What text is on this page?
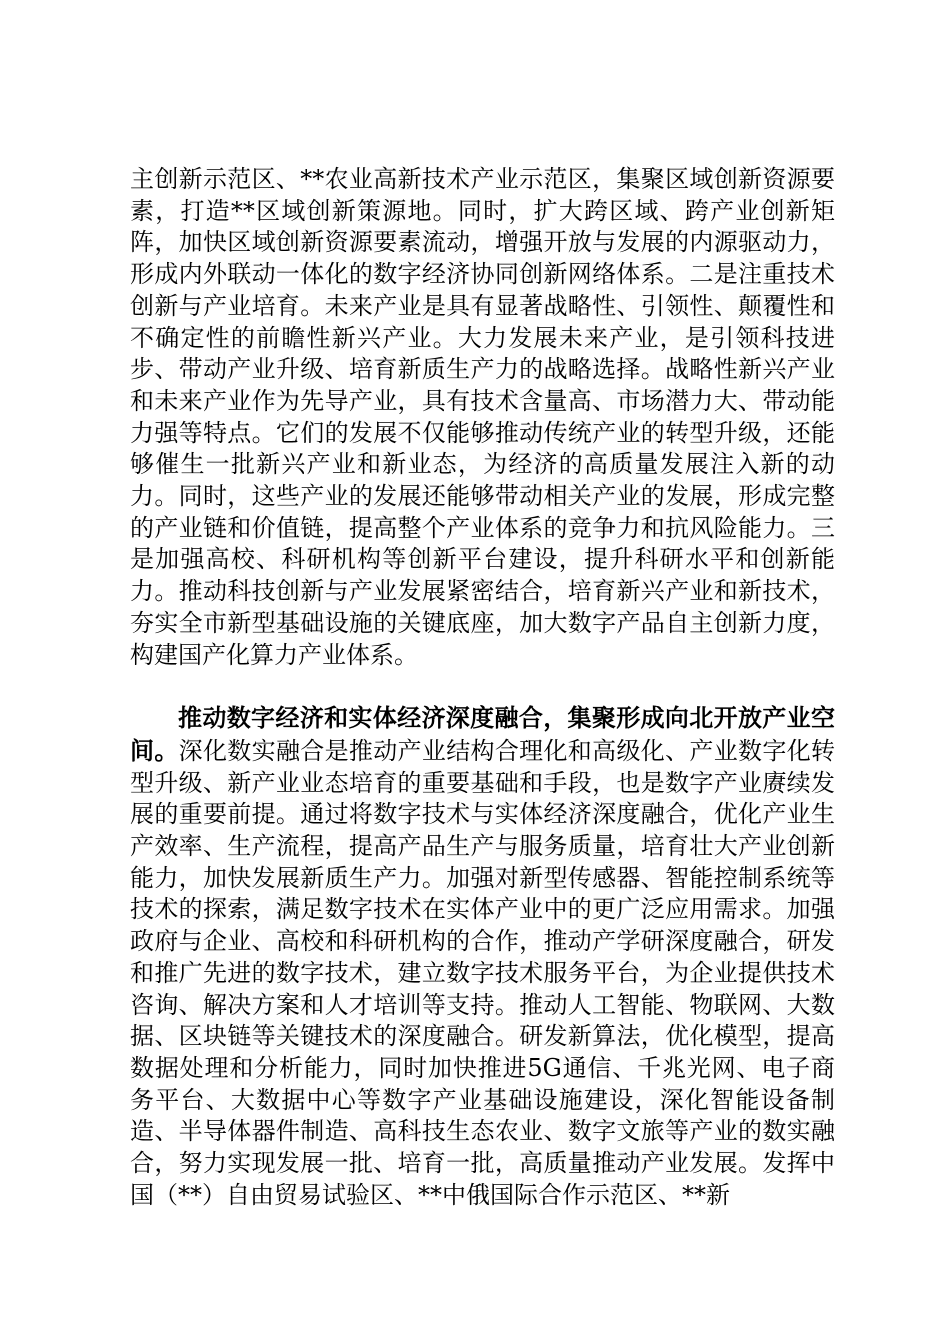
主创新示范区、**农业高新技术产业示范区，集聚区域创新资源要素，打造**区域创新策源地。同时，扩大跨区域、跨产业创新矩阵，加快区域创新资源要素流动，增强开放与发展的内源驱动力，形成内外联动一体化的数字经济协同创新网络体系。二是注重技术创新与产业培育。未来产业是具有显著战略性、引领性、颠覆性和不确定性的前瞻性新兴产业。大力发展未来产业，是引领科技进步、带动产业升级、培育新质生产力的战略选择。战略性新兴产业和未来产业作为先导产业，具有技术含量高、市场潜力大、带动能力强等特点。它们的发展不仅能够推动传统产业的转型升级，还能够催生一批新兴产业和新业态，为经济的高质量发展注入新的动力。同时，这些产业的发展还能够带动相关产业的发展，形成完整的产业链和价值链，提高整个产业体系的竞争力和抗风险能力。三是加强高校、科研机构等创新平台建设，提升科研水平和创新能力。推动科技创新与产业发展紧密结合，培育新兴产业和新技术，夯实全市新型基础设施的关键底座，加大数字产品自主创新力度，构建国产化算力产业体系。

推动数字经济和实体经济深度融合，集聚形成向北开放产业空间。深化数实融合是推动产业结构合理化和高级化、产业数字化转型升级、新产业业态培育的重要基础和手段，也是数字产业赓续发展的重要前提。通过将数字技术与实体经济深度融合，优化产业生产效率、生产流程，提高产品生产与服务质量，培育壮大产业创新能力，加快发展新质生产力。加强对新型传感器、智能控制系统等技术的探索，满足数字技术在实体产业中的更广泛应用需求。加强政府与企业、高校和科研机构的合作，推动产学研深度融合，研发和推广先进的数字技术，建立数字技术服务平台，为企业提供技术咨询、解决方案和人才培训等支持。推动人工智能、物联网、大数据、区块链等关键技术的深度融合。研发新算法，优化模型，提高数据处理和分析能力，同时加快推进5G通信、千兆光网、电子商务平台、大数据中心等数字产业基础设施建设，深化智能设备制造、半导体器件制造、高科技生态农业、数字文旅等产业的数实融合，努力实现发展一批、培育一批，高质量推动产业发展。发挥中国（**）自由贸易试验区、**中俄国际合作示范区、**新
